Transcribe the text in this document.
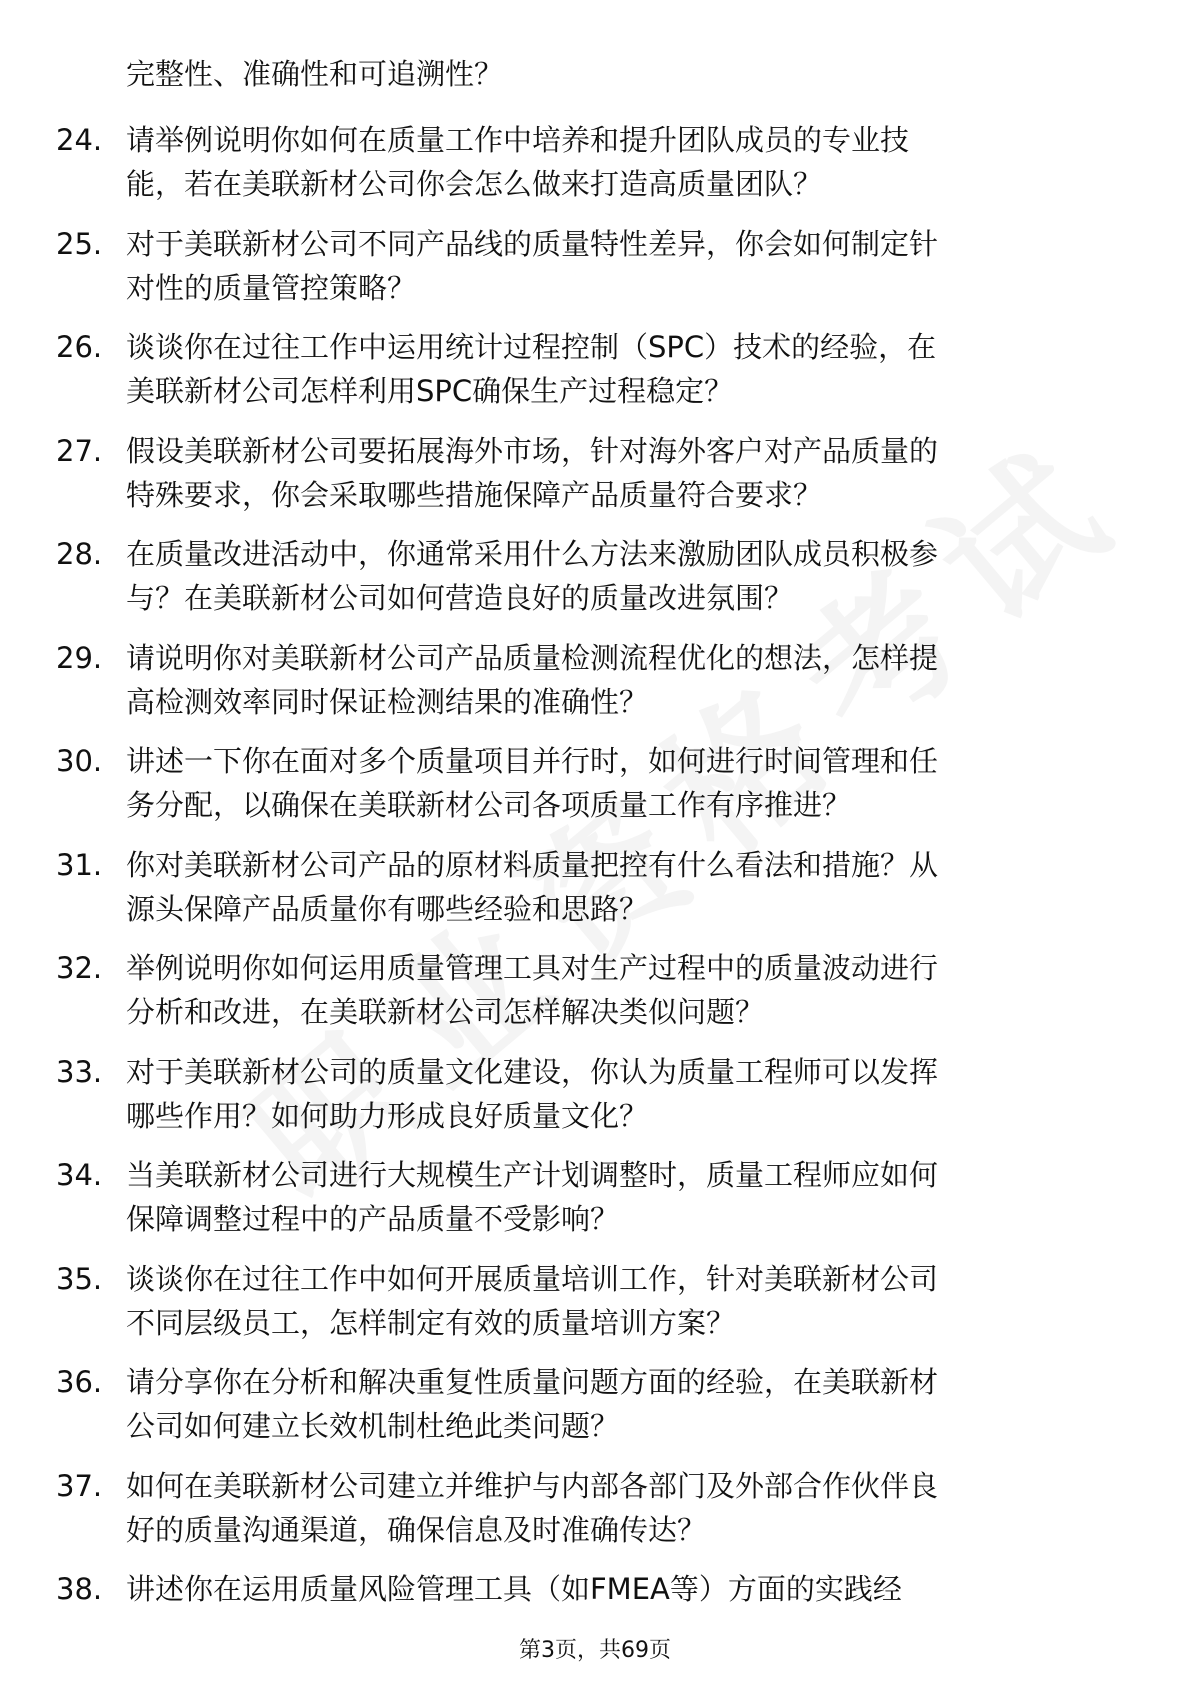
完整性、准确性和可追溯性？
24. 请举例说明你如何在质量工作中培养和提升团队成员的专业技
能，若在美联新材公司你会怎么做来打造高质量团队？
25. 对于美联新材公司不同产品线的质量特性差异，你会如何制定针
对性的质量管控策略？
26. 谈谈你在过往工作中运用统计过程控制（SPC）技术的经验，在
美联新材公司怎样利用SPC确保生产过程稳定？
27. 假设美联新材公司要拓展海外市场，针对海外客户对产品质量的
特殊要求，你会采取哪些措施保障产品质量符合要求？
28. 在质量改进活动中，你通常采用什么方法来激励团队成员积极参
与？在美联新材公司如何营造良好的质量改进氛围？
29. 请说明你对美联新材公司产品质量检测流程优化的想法，怎样提
高检测效率同时保证检测结果的准确性？
30. 讲述一下你在面对多个质量项目并行时，如何进行时间管理和任
务分配，以确保在美联新材公司各项质量工作有序推进？
31. 你对美联新材公司产品的原材料质量把控有什么看法和措施？从
源头保障产品质量你有哪些经验和思路？
32. 举例说明你如何运用质量管理工具对生产过程中的质量波动进行
分析和改进，在美联新材公司怎样解决类似问题？
33. 对于美联新材公司的质量文化建设，你认为质量工程师可以发挥
哪些作用？如何助力形成良好质量文化？
34. 当美联新材公司进行大规模生产计划调整时，质量工程师应如何
保障调整过程中的产品质量不受影响？
35. 谈谈你在过往工作中如何开展质量培训工作，针对美联新材公司
不同层级员工，怎样制定有效的质量培训方案？
36. 请分享你在分析和解决重复性质量问题方面的经验，在美联新材
公司如何建立长效机制杜绝此类问题？
37. 如何在美联新材公司建立并维护与内部各部门及外部合作伙伴良
好的质量沟通渠道，确保信息及时准确传达？
38. 讲述你在运用质量风险管理工具（如FMEA等）方面的实践经
第3页，共69页
